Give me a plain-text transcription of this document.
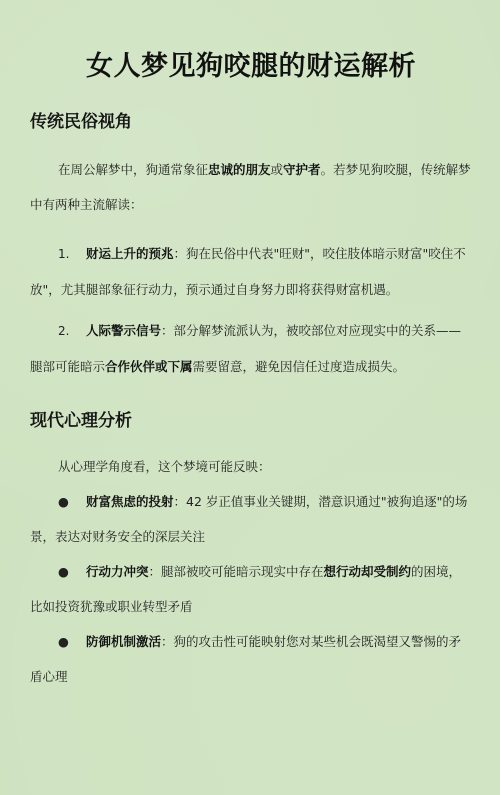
女人梦见狗咬腿的财运解析
传统民俗视角

在周公解梦中，狗通常象征忠诚的朋友或守护者。若梦见狗咬腿，传统解梦中有两种主流解读：

1. 财运上升的预兆：狗在民俗中代表"旺财"，咬住肢体暗示财富"咬住不放"，尤其腿部象征行动力，预示通过自身努力即将获得财富机遇。

2. 人际警示信号：部分解梦流派认为，被咬部位对应现实中的关系——腿部可能暗示合作伙伴或下属需要留意，避免因信任过度造成损失。

现代心理分析

从心理学角度看，这个梦境可能反映：

● 财富焦虑的投射：42 岁正值事业关键期，潜意识通过"被狗追逐"的场景，表达对财务安全的深层关注

● 行动力冲突：腿部被咬可能暗示现实中存在想行动却受制约的困境，比如投资犹豫或职业转型矛盾

● 防御机制激活：狗的攻击性可能映射您对某些机会既渴望又警惕的矛盾心理
